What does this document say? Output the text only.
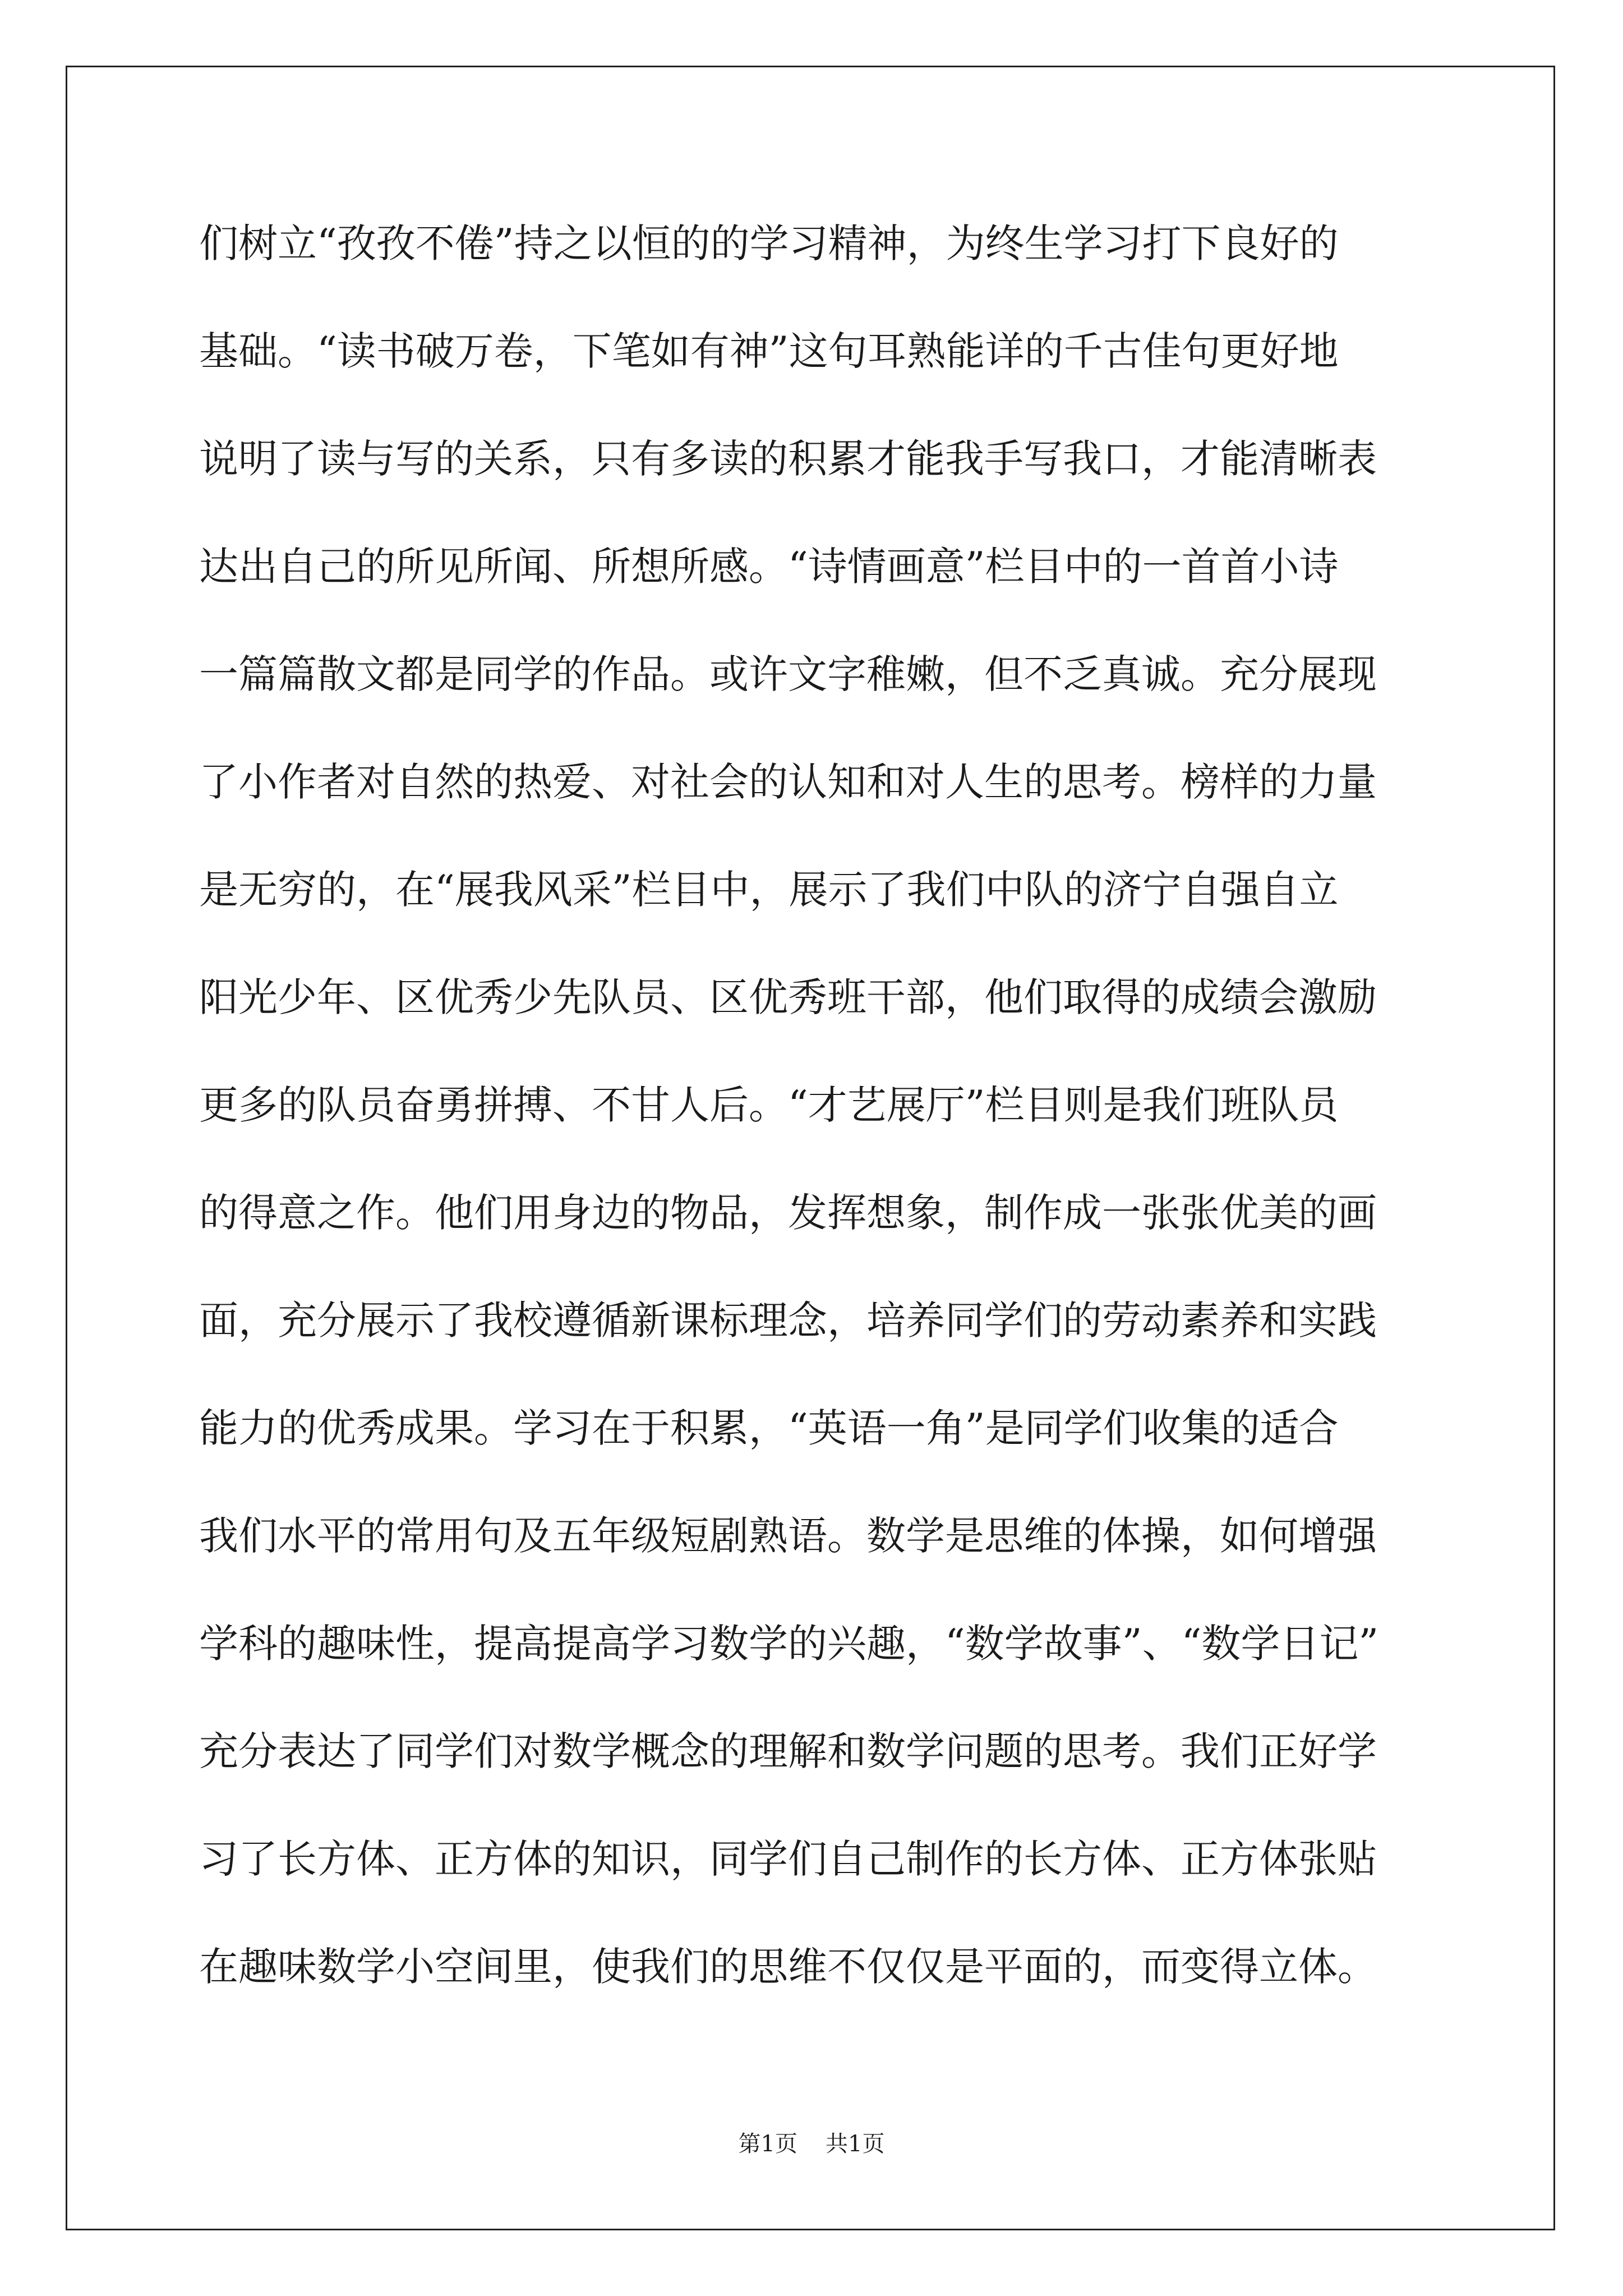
们树立“孜孜不倦”持之以恒的的学习精神，为终生学习打下良好的
基础。“读书破万卷，下笔如有神”这句耳熟能详的千古佳句更好地
说明了读与写的关系，只有多读的积累才能我手写我口，才能清晰表
达出自己的所见所闻、所想所感。“诗情画意”栏目中的一首首小诗
一篇篇散文都是同学的作品。或许文字稚嫩，但不乏真诚。充分展现
了小作者对自然的热爱、对社会的认知和对人生的思考。榜样的力量
是无穷的，在“展我风采”栏目中，展示了我们中队的济宁自强自立
阳光少年、区优秀少先队员、区优秀班干部，他们取得的成绩会激励
更多的队员奋勇拼搏、不甘人后。“才艺展厅”栏目则是我们班队员
的得意之作。他们用身边的物品，发挥想象，制作成一张张优美的画
面，充分展示了我校遵循新课标理念，培养同学们的劳动素养和实践
能力的优秀成果。学习在于积累，“英语一角”是同学们收集的适合
我们水平的常用句及五年级短剧熟语。数学是思维的体操，如何增强
学科的趣味性，提高提高学习数学的兴趣，“数学故事”、“数学日记”
充分表达了同学们对数学概念的理解和数学问题的思考。我们正好学
习了长方体、正方体的知识，同学们自己制作的长方体、正方体张贴
在趣味数学小空间里，使我们的思维不仅仅是平面的，而变得立体。
第1页 共1页
